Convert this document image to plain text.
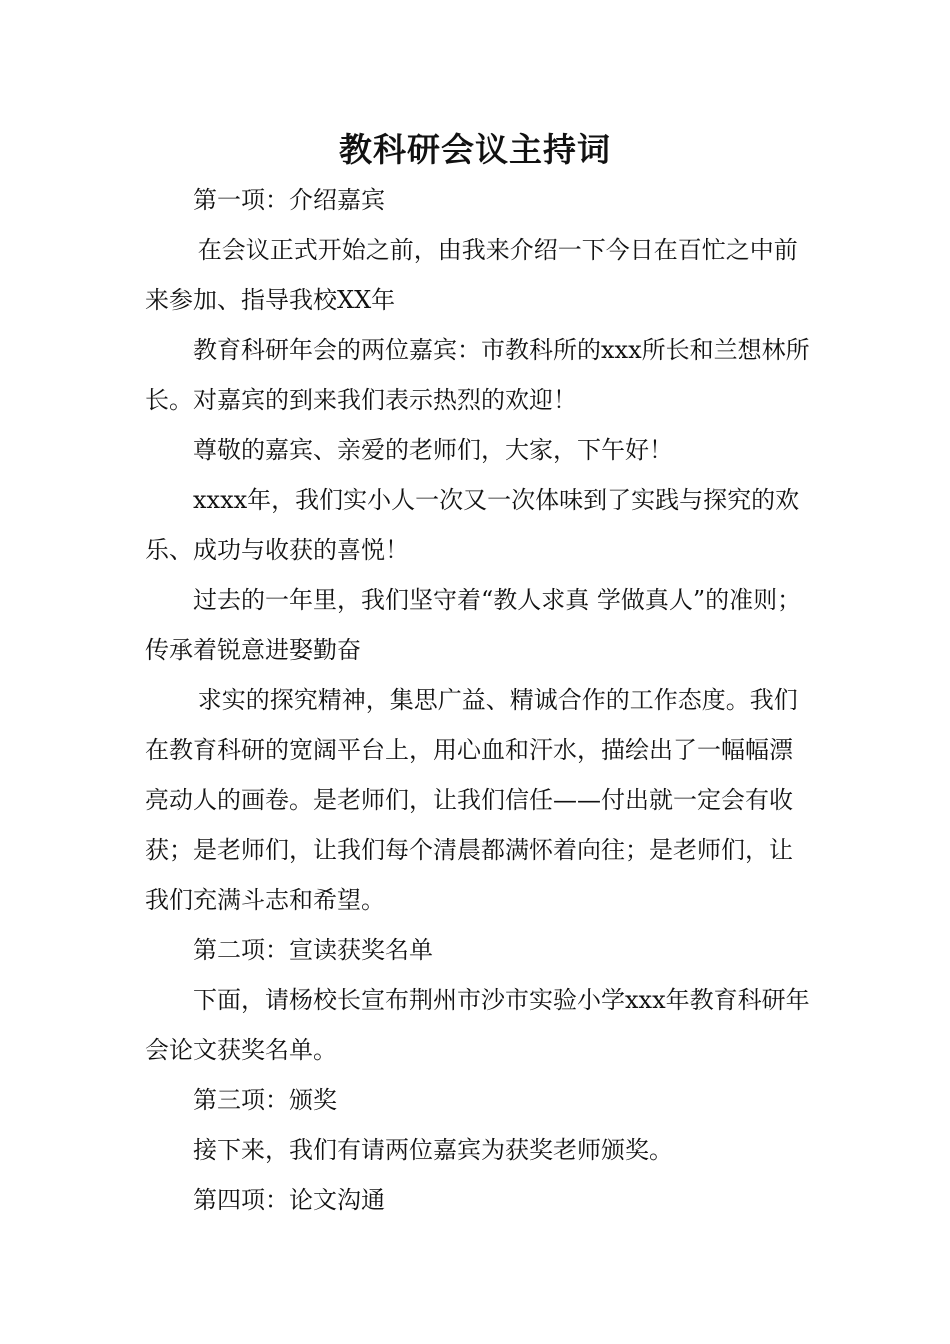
教科研会议主持词

第一项：介绍嘉宾

在会议正式开始之前，由我来介绍一下今日在百忙之中前来参加、指导我校XX年

教育科研年会的两位嘉宾：市教科所的xxx所长和兰想林所长。对嘉宾的到来我们表示热烈的欢迎！

尊敬的嘉宾、亲爱的老师们，大家，下午好！

xxxx年，我们实小人一次又一次体味到了实践与探究的欢乐、成功与收获的喜悦！

过去的一年里，我们坚守着“教人求真 学做真人”的准则；传承着锐意进娶勤奋

求实的探究精神，集思广益、精诚合作的工作态度。我们在教育科研的宽阔平台上，用心血和汗水，描绘出了一幅幅漂亮动人的画卷。是老师们，让我们信任——付出就一定会有收获；是老师们，让我们每个清晨都满怀着向往；是老师们，让我们充满斗志和希望。

第二项：宣读获奖名单

下面，请杨校长宣布荆州市沙市实验小学xxx年教育科研年会论文获奖名单。

第三项：颁奖

接下来，我们有请两位嘉宾为获奖老师颁奖。

第四项：论文沟通
